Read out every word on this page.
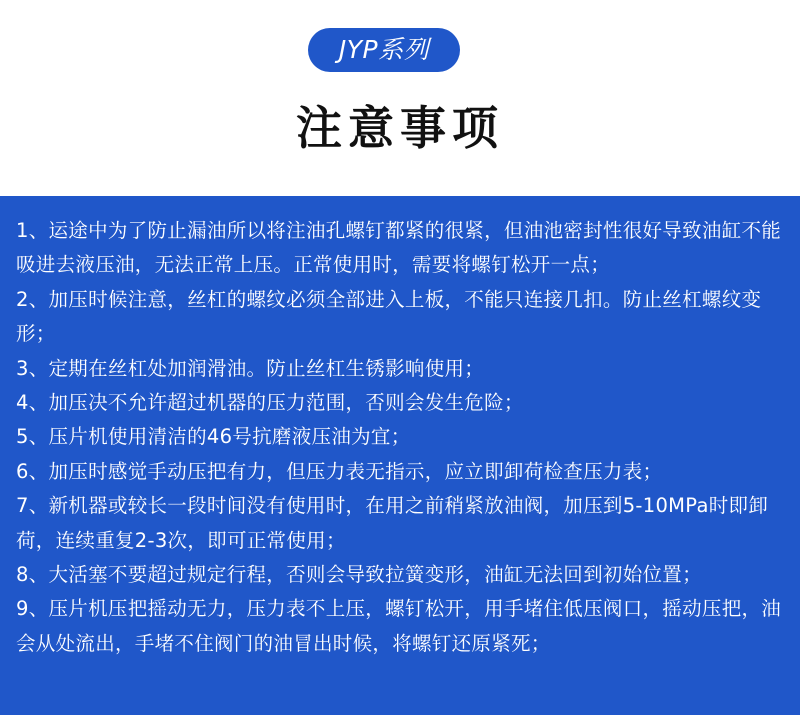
JYP系列
注意事项
1、运途中为了防止漏油所以将注油孔螺钉都紧的很紧，但油池密封性很好导致油缸不能吸进去液压油，无法正常上压。正常使用时，需要将螺钉松开一点；
2、加压时候注意，丝杠的螺纹必须全部进入上板，不能只连接几扣。防止丝杠螺纹变形；
3、定期在丝杠处加润滑油。防止丝杠生锈影响使用；
4、加压决不允许超过机器的压力范围，否则会发生危险；
5、压片机使用清洁的46号抗磨液压油为宜；
6、加压时感觉手动压把有力，但压力表无指示，应立即卸荷检查压力表；
7、新机器或较长一段时间没有使用时，在用之前稍紧放油阀，加压到5-10MPa时即卸荷，连续重复2-3次，即可正常使用；
8、大活塞不要超过规定行程，否则会导致拉簧变形，油缸无法回到初始位置；
9、压片机压把摇动无力，压力表不上压，螺钉松开，用手堵住低压阀口，摇动压把，油会从处流出，手堵不住阀门的油冒出时候，将螺钉还原紧死；
